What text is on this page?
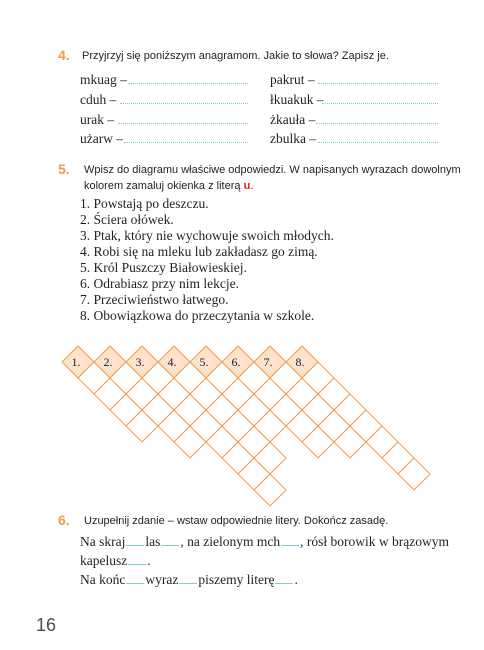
4. Przyjrzyj się poniższym anagramom. Jakie to słowa? Zapisz je.
mkuag –
cduh –
urak –
użarw –
pakrut –
łkuakuk –
żkauła –
zbulka –
5. Wpisz do diagramu właściwe odpowiedzi. W napisanych wyrazach dowolnym
kolorem zamaluj okienka z literą u.
1. Powstają po deszczu.
2. Ściera ołówek.
3. Ptak, który nie wychowuje swoich młodych.
4. Robi się na mleku lub zakładasz go zimą.
5. Król Puszczy Białowieskiej.
6. Odrabiasz przy nim lekcje.
7. Przeciwieństwo łatwego.
8. Obowiązkowa do przeczytania w szkole.
1. 2. 3. 4. 5. 6. 7. 8.
6. Uzupełnij zdanie – wstaw odpowiednie litery. Dokończ zasadę.
Na skraj las , na zielonym mch , rósł borowik w brązowym
kapelusz .
Na końc wyraz piszemy literę .
16
